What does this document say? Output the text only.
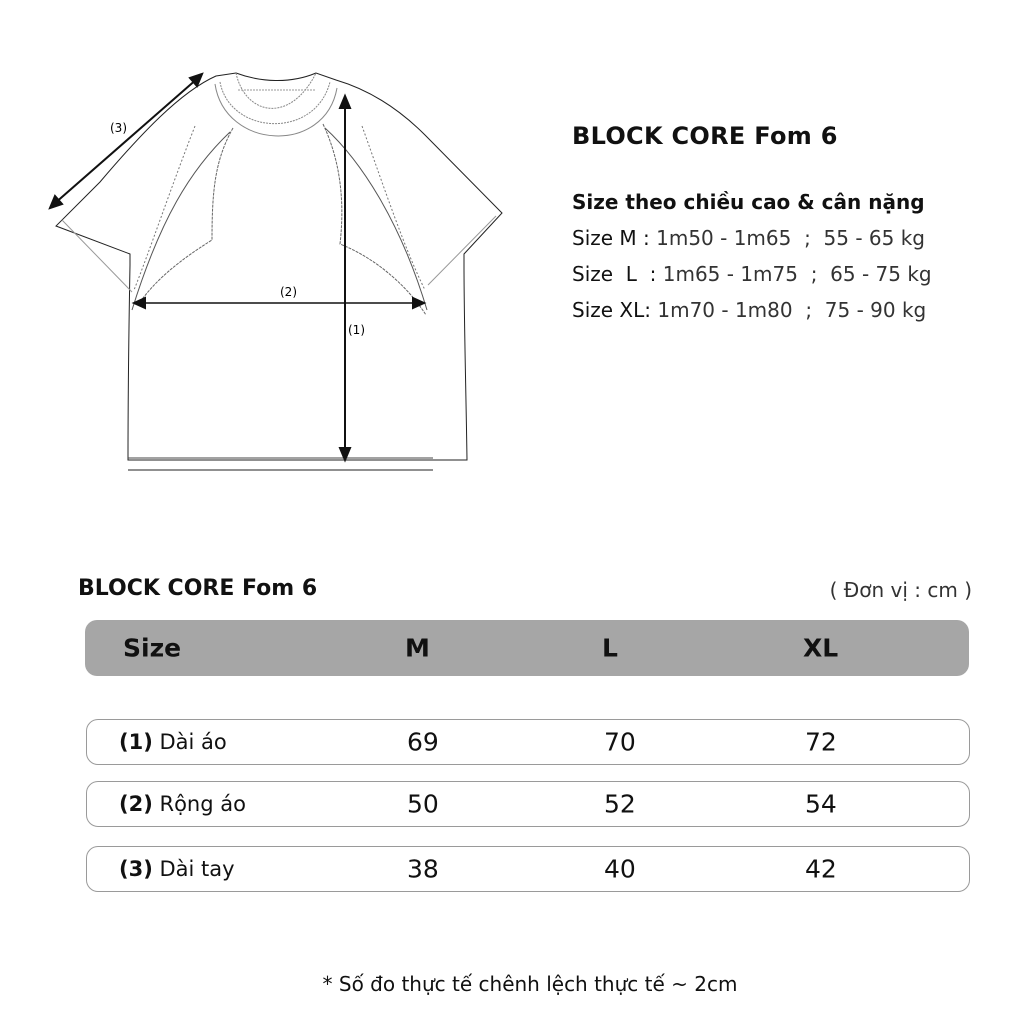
(3)
(2)
(1)
BLOCK CORE Fom 6
Size theo chiều cao & cân nặng
Size M : 1m50 - 1m65  ;  55 - 65 kg
Size  L  : 1m65 - 1m75  ;  65 - 75 kg
Size XL: 1m70 - 1m80  ;  75 - 90 kg
BLOCK CORE Fom 6	( Đơn vị : cm )
Size	M	L	XL
(1) Dài áo	69	70	72
(2) Rộng áo	50	52	54
(3) Dài tay	38	40	42
* Số đo thực tế chênh lệch thực tế ~ 2cm
